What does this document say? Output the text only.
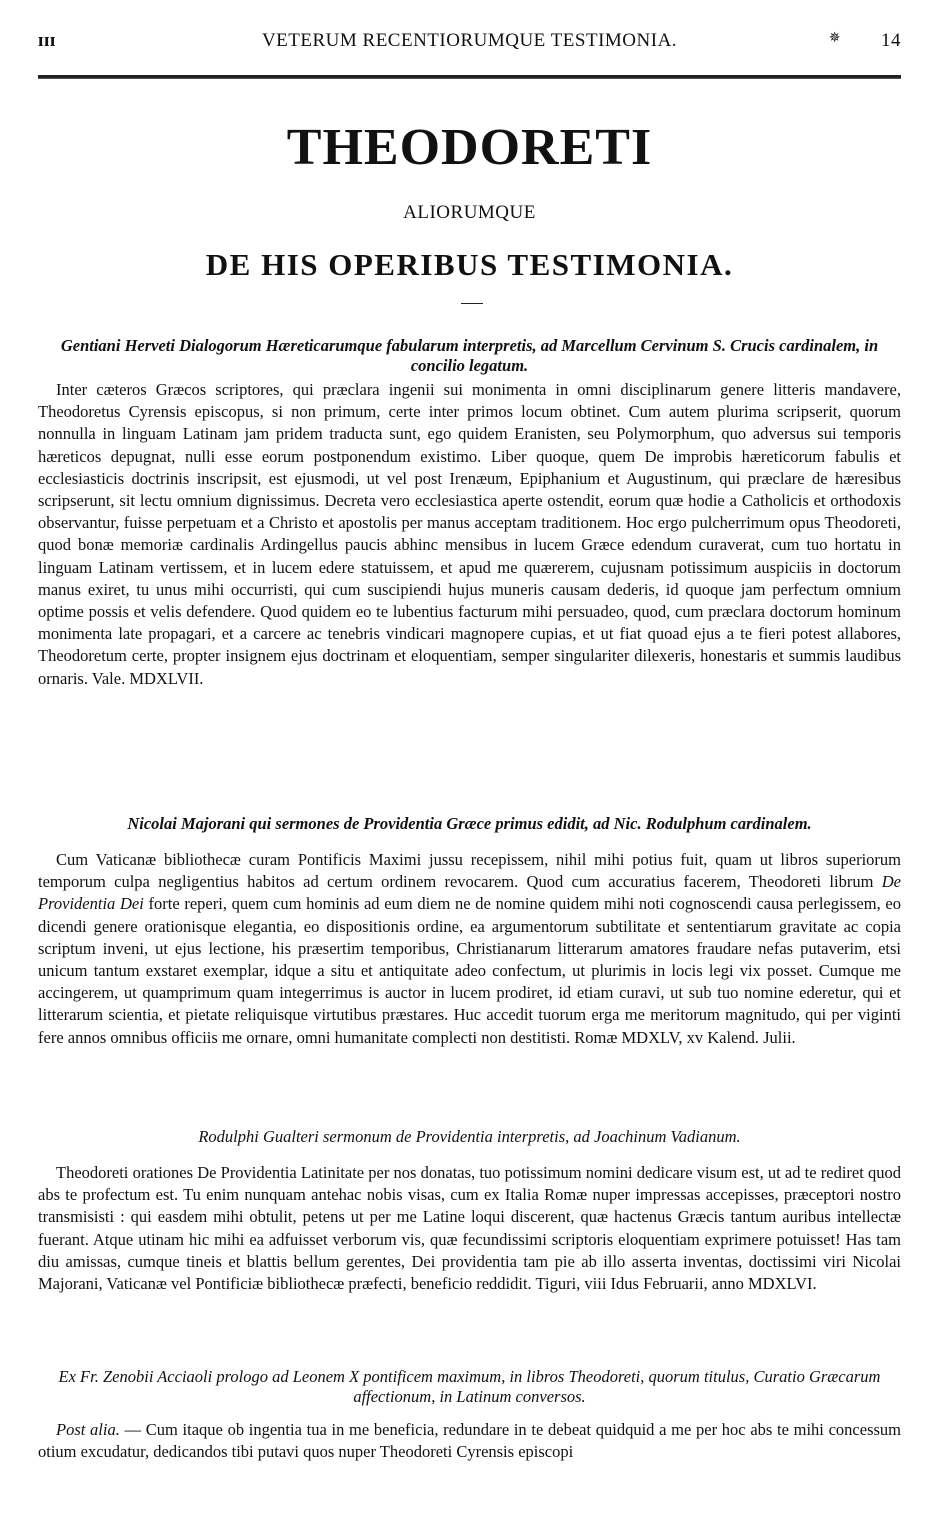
ɪɪɪ	VETERUM RECENTIORUMQUE TESTIMONIA.	✵ 14
THEODORETI
ALIORUMQUE
DE HIS OPERIBUS TESTIMONIA.
Gentiani Herveti Dialogorum Hæreticarumque fabularum interpretis, ad Marcellum Cervinum S. Crucis cardinalem, in concilio legatum.
Inter cæteros Græcos scriptores, qui præclara ingenii sui monimenta in omni disciplinarum genere litteris mandavere, Theodoretus Cyrensis episcopus, si non primum, certe inter primos locum obtinet. Cum autem plurima scripserit, quorum nonnulla in linguam Latinam jam pridem traducta sunt, ego quidem Eranisten, seu Polymorphum, quo adversus sui temporis hæreticos depugnat, nulli esse eorum postponendum existimo. Liber quoque, quem De improbis hæreticorum fabulis et ecclesiasticis doctrinis inscripsit, est ejusmodi, ut vel post Irenæum, Epiphanium et Augustinum, qui præclare de hæresibus scripserunt, sit lectu omnium dignissimus. Decreta vero ecclesiastica aperte ostendit, eorum quæ hodie a Catholicis et orthodoxis observantur, fuisse perpetuam et a Christo et apostolis per manus acceptam traditionem. Hoc ergo pulcherrimum opus Theodoreti, quod bonæ memoriæ cardinalis Ardingellus paucis abhinc mensibus in lucem Græce edendum curaverat, cum tuo hortatu in linguam Latinam vertissem, et in lucem edere statuissem, et apud me quærerem, cujusnam potissimum auspiciis in doctorum manus exiret, tu unus mihi occurristi, qui cum suscipiendi hujus muneris causam dederis, id quoque jam perfectum omnium optime possis et velis defendere. Quod quidem eo te lubentius facturum mihi persuadeo, quod, cum præclara doctorum hominum monimenta late propagari, et a carcere ac tenebris vindicari magnopere cupias, et ut fiat quoad ejus a te fieri potest allabores, Theodoretum certe, propter insignem ejus doctrinam et eloquentiam, semper singulariter dilexeris, honestaris et summis laudibus ornaris. Vale. MDXLVII.
Nicolai Majorani qui sermones de Providentia Græce primus edidit, ad Nic. Rodulphum cardinalem.
Cum Vaticanæ bibliothecæ curam Pontificis Maximi jussu recepissem, nihil mihi potius fuit, quam ut libros superiorum temporum culpa negligentius habitos ad certum ordinem revocarem. Quod cum accuratius facerem, Theodoreti librum De Providentia Dei forte reperi, quem cum hominis ad eum diem ne de nomine quidem mihi noti cognoscendi causa perlegissem, eo dicendi genere orationisque elegantia, eo dispositionis ordine, ea argumentorum subtilitate et sententiarum gravitate ac copia scriptum inveni, ut ejus lectione, his præsertim temporibus, Christianarum litterarum amatores fraudare nefas putaverim, etsi unicum tantum exstaret exemplar, idque a situ et antiquitate adeo confectum, ut plurimis in locis legi vix posset. Cumque me accingerem, ut quamprimum quam integerrimus is auctor in lucem prodiret, id etiam curavi, ut sub tuo nomine ederetur, qui et litterarum scientia, et pietate reliquisque virtutibus præstares. Huc accedit tuorum erga me meritorum magnitudo, qui per viginti fere annos omnibus officiis me ornare, omni humanitate complecti non destitisti. Romæ MDXLV, xv Kalend. Julii.
Rodulphi Gualteri sermonum de Providentia interpretis, ad Joachinum Vadianum.
Theodoreti orationes De Providentia Latinitate per nos donatas, tuo potissimum nomini dedicare visum est, ut ad te rediret quod abs te profectum est. Tu enim nunquam antehac nobis visas, cum ex Italia Romæ nuper impressas accepisses, præceptori nostro transmisisti : qui easdem mihi obtulit, petens ut per me Latine loqui discerent, quæ hactenus Græcis tantum auribus intellectæ fuerant. Atque utinam hic mihi ea adfuisset verborum vis, quæ fecundissimi scriptoris eloquentiam exprimere potuisset! Has tam diu amissas, cumque tineis et blattis bellum gerentes, Dei providentia tam pie ab illo asserta inventas, doctissimi viri Nicolai Majorani, Vaticanæ vel Pontificiæ bibliothecæ præfecti, beneficio reddidit. Tiguri, viii Idus Februarii, anno MDXLVI.
Ex Fr. Zenobii Acciaoli prologo ad Leonem X pontificem maximum, in libros Theodoreti, quorum titulus, Curatio Græcarum affectionum, in Latinum conversos.
Post alia. — Cum itaque ob ingentia tua in me beneficia, redundare in te debeat quidquid a me per hoc abs te mihi concessum otium excudatur, dedicandos tibi putavi quos nuper Theodoreti Cyrensis episcopi
